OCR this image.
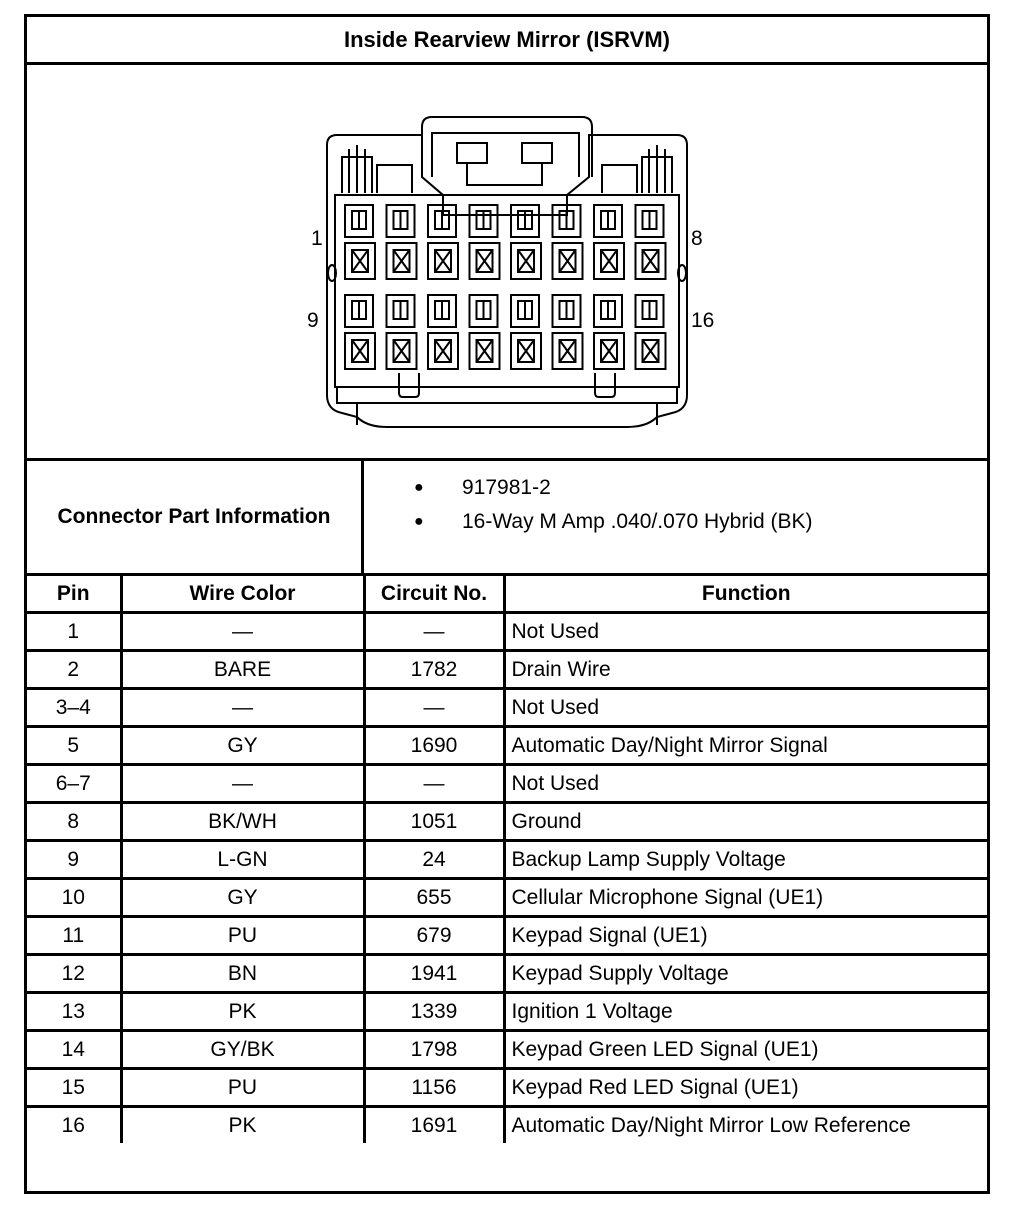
Inside Rearview Mirror (ISRVM)
1	8
9	16
Connector Part Information
●	917981-2
●	16-Way M Amp .040/.070 Hybrid (BK)
Pin	Wire Color	Circuit No.	Function
1	—	—	Not Used
2	BARE	1782	Drain Wire
3–4	—	—	Not Used
5	GY	1690	Automatic Day/Night Mirror Signal
6–7	—	—	Not Used
8	BK/WH	1051	Ground
9	L-GN	24	Backup Lamp Supply Voltage
10	GY	655	Cellular Microphone Signal (UE1)
11	PU	679	Keypad Signal (UE1)
12	BN	1941	Keypad Supply Voltage
13	PK	1339	Ignition 1 Voltage
14	GY/BK	1798	Keypad Green LED Signal (UE1)
15	PU	1156	Keypad Red LED Signal (UE1)
16	PK	1691	Automatic Day/Night Mirror Low Reference
